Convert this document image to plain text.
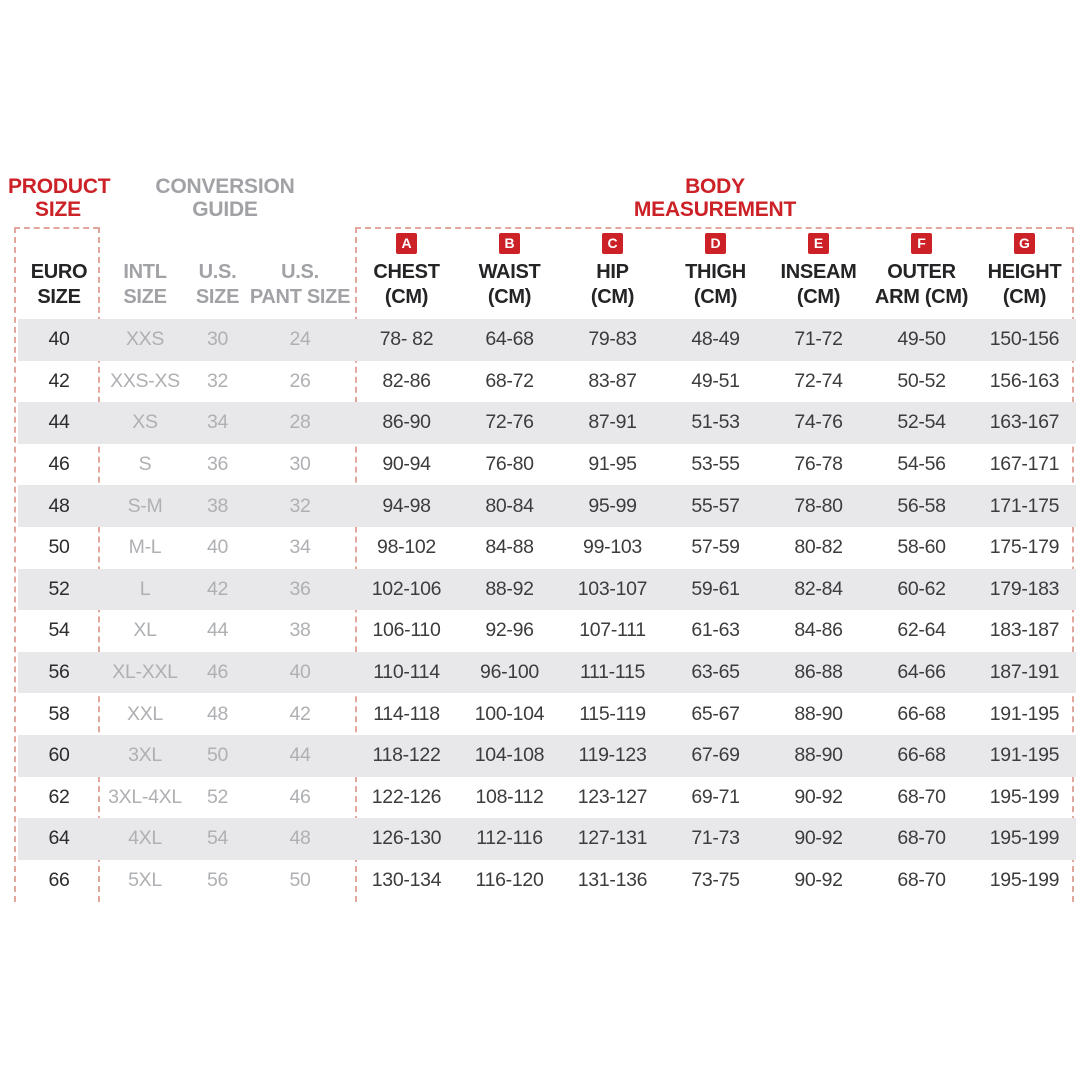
PRODUCT
SIZE
CONVERSION
GUIDE
BODY
MEASUREMENT
EURO
SIZE
INTL
SIZE
U.S.
SIZE
U.S.
PANT SIZE
A
CHEST
(CM)
B
WAIST
(CM)
C
HIP
(CM)
D
THIGH
(CM)
E
INSEAM
(CM)
F
OUTER
ARM (CM)
G
HEIGHT
(CM)
40	XXS	30	24	78- 82	64-68	79-83	48-49	71-72	49-50	150-156
42	XXS-XS	32	26	82-86	68-72	83-87	49-51	72-74	50-52	156-163
44	XS	34	28	86-90	72-76	87-91	51-53	74-76	52-54	163-167
46	S	36	30	90-94	76-80	91-95	53-55	76-78	54-56	167-171
48	S-M	38	32	94-98	80-84	95-99	55-57	78-80	56-58	171-175
50	M-L	40	34	98-102	84-88	99-103	57-59	80-82	58-60	175-179
52	L	42	36	102-106	88-92	103-107	59-61	82-84	60-62	179-183
54	XL	44	38	106-110	92-96	107-111	61-63	84-86	62-64	183-187
56	XL-XXL	46	40	110-114	96-100	111-115	63-65	86-88	64-66	187-191
58	XXL	48	42	114-118	100-104	115-119	65-67	88-90	66-68	191-195
60	3XL	50	44	118-122	104-108	119-123	67-69	88-90	66-68	191-195
62	3XL-4XL	52	46	122-126	108-112	123-127	69-71	90-92	68-70	195-199
64	4XL	54	48	126-130	112-116	127-131	71-73	90-92	68-70	195-199
66	5XL	56	50	130-134	116-120	131-136	73-75	90-92	68-70	195-199
